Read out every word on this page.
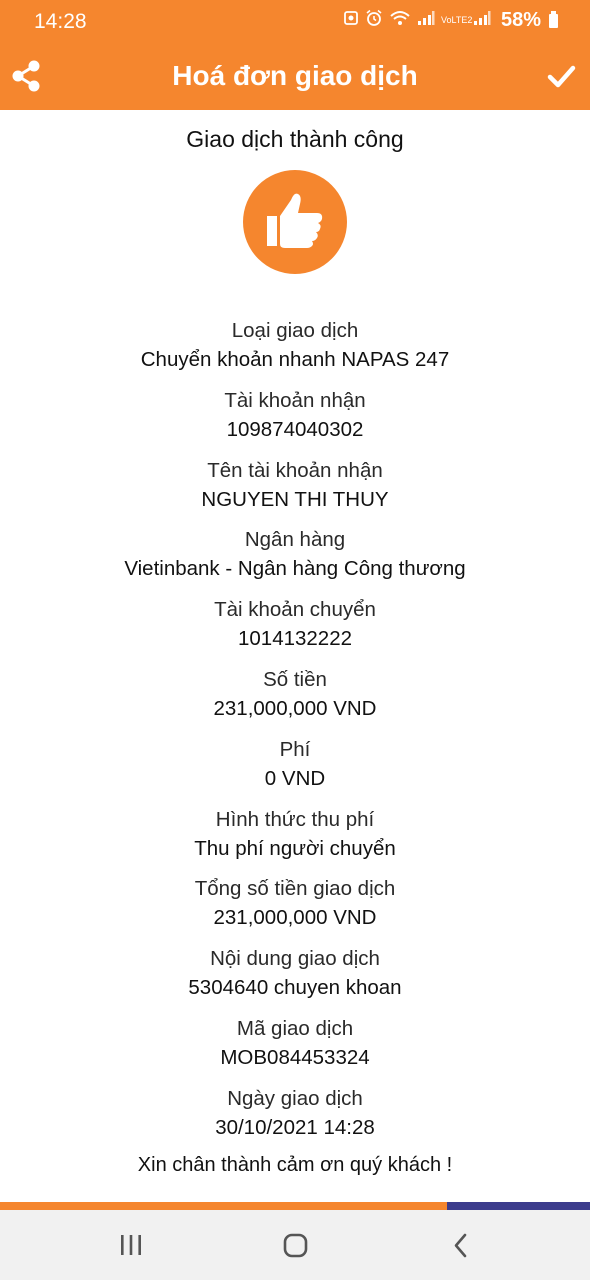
14:28	VoLTE2 58%
Hoá đơn giao dịch
Giao dịch thành công
Loại giao dịch
Chuyển khoản nhanh NAPAS 247
Tài khoản nhận
109874040302
Tên tài khoản nhận
NGUYEN THI THUY
Ngân hàng
Vietinbank - Ngân hàng Công thương
Tài khoản chuyển
1014132222
Số tiền
231,000,000 VND
Phí
0 VND
Hình thức thu phí
Thu phí người chuyển
Tổng số tiền giao dịch
231,000,000 VND
Nội dung giao dịch
5304640 chuyen khoan
Mã giao dịch
MOB084453324
Ngày giao dịch
30/10/2021 14:28
Xin chân thành cảm ơn quý khách !
